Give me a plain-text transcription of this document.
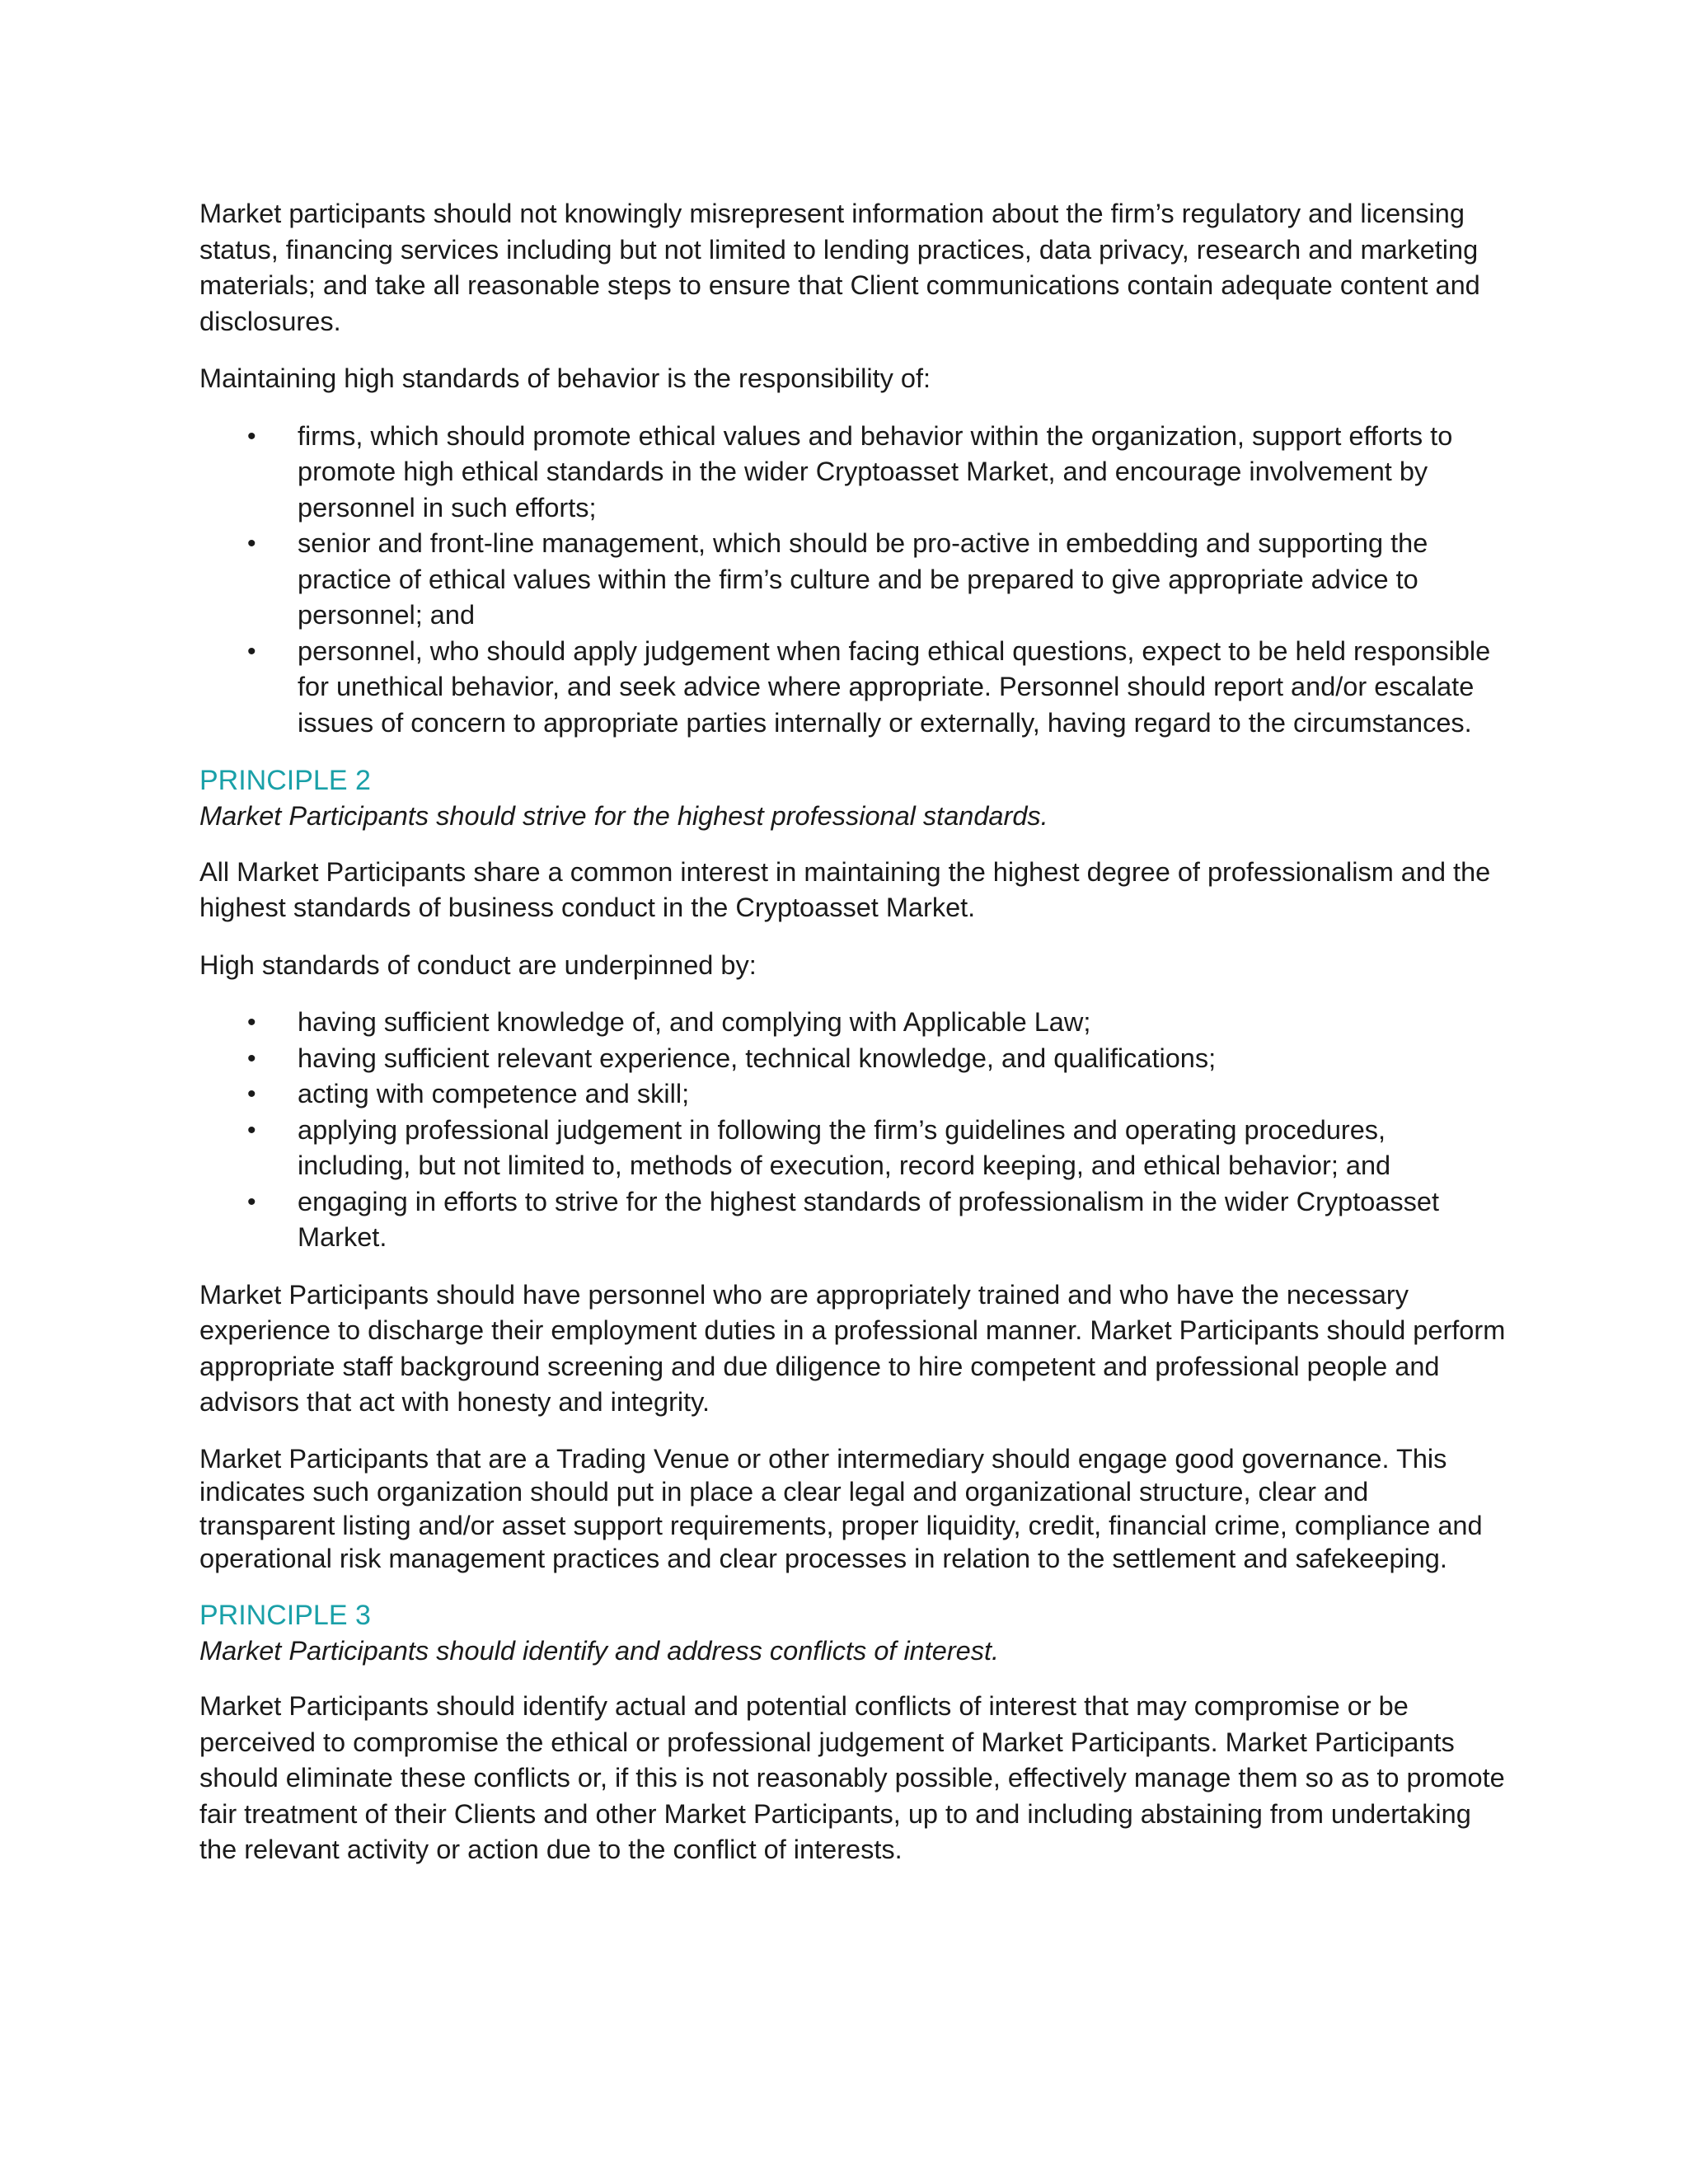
Market participants should not knowingly misrepresent information about the firm’s regulatory and licensing status, financing services including but not limited to lending practices, data privacy, research and marketing materials; and take all reasonable steps to ensure that Client communications contain adequate content and disclosures.

Maintaining high standards of behavior is the responsibility of:

• firms, which should promote ethical values and behavior within the organization, support efforts to promote high ethical standards in the wider Cryptoasset Market, and encourage involvement by personnel in such efforts;
• senior and front-line management, which should be pro-active in embedding and supporting the practice of ethical values within the firm’s culture and be prepared to give appropriate advice to personnel; and
• personnel, who should apply judgement when facing ethical questions, expect to be held responsible for unethical behavior, and seek advice where appropriate. Personnel should report and/or escalate issues of concern to appropriate parties internally or externally, having regard to the circumstances.
PRINCIPLE 2

Market Participants should strive for the highest professional standards.

All Market Participants share a common interest in maintaining the highest degree of professionalism and the highest standards of business conduct in the Cryptoasset Market.

High standards of conduct are underpinned by:

• having sufficient knowledge of, and complying with Applicable Law;
• having sufficient relevant experience, technical knowledge, and qualifications;
• acting with competence and skill;
• applying professional judgement in following the firm’s guidelines and operating procedures, including, but not limited to, methods of execution, record keeping, and ethical behavior; and
• engaging in efforts to strive for the highest standards of professionalism in the wider Cryptoasset Market.

Market Participants should have personnel who are appropriately trained and who have the necessary experience to discharge their employment duties in a professional manner. Market Participants should perform appropriate staff background screening and due diligence to hire competent and professional people and advisors that act with honesty and integrity.

Market Participants that are a Trading Venue or other intermediary should engage good governance. This indicates such organization should put in place a clear legal and organizational structure, clear and transparent listing and/or asset support requirements, proper liquidity, credit, financial crime, compliance and operational risk management practices and clear processes in relation to the settlement and safekeeping.

PRINCIPLE 3

Market Participants should identify and address conflicts of interest.

Market Participants should identify actual and potential conflicts of interest that may compromise or be perceived to compromise the ethical or professional judgement of Market Participants. Market Participants should eliminate these conflicts or, if this is not reasonably possible, effectively manage them so as to promote fair treatment of their Clients and other Market Participants, up to and including abstaining from undertaking the relevant activity or action due to the conflict of interests.
